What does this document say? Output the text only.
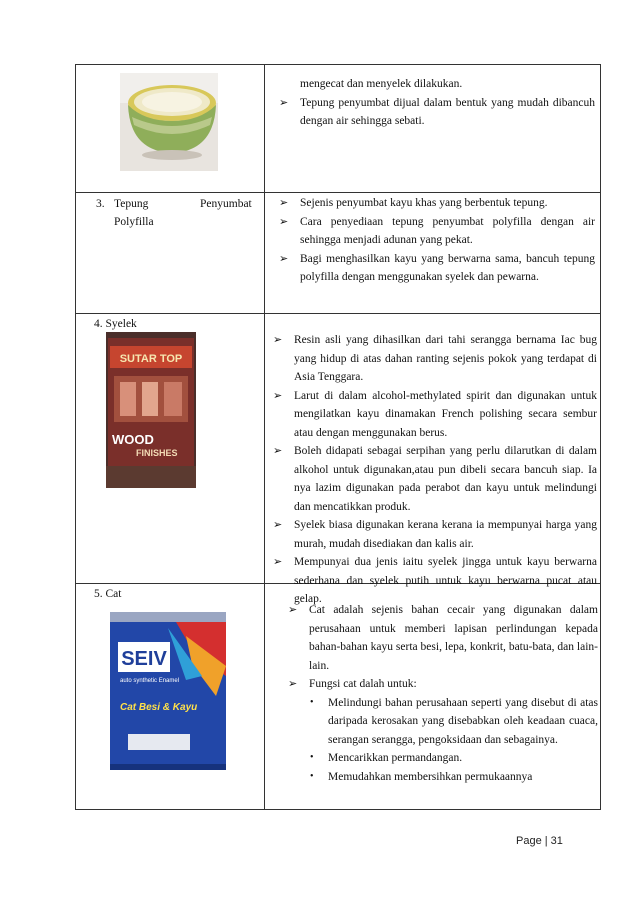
mengecat dan menyelek dilakukan.
➢ Tepung penyumbat dijual dalam bentuk yang mudah dibancuh dengan air sehingga sebati.
3. Tepung	Penyumbat
Polyfilla
➢ Sejenis penyumbat kayu khas yang berbentuk tepung.
➢ Cara penyediaan tepung penyumbat polyfilla dengan air sehingga menjadi adunan yang pekat.
➢ Bagi menghasilkan kayu yang berwarna sama, bancuh tepung polyfilla dengan menggunakan syelek dan pewarna.
4. Syelek
SUTAR TOP
WOOD
FINISHES
➢ Resin asli yang dihasilkan dari tahi serangga bernama Iac bug yang hidup di atas dahan ranting sejenis pokok yang terdapat di Asia Tenggara.
➢ Larut di dalam alcohol-methylated spirit dan digunakan untuk mengilatkan kayu dinamakan French polishing secara sembur atau dengan menggunakan berus.
➢ Boleh didapati sebagai serpihan yang perlu dilarutkan di dalam alkohol untuk digunakan,atau pun dibeli secara bancuh siap. Ia nya lazim digunakan pada perabot dan kayu untuk melindungi dan mencatikkan produk.
➢ Syelek biasa digunakan kerana kerana ia mempunyai harga yang murah, mudah disediakan dan kalis air.
➢ Mempunyai dua jenis iaitu syelek jingga untuk kayu berwarna sederhana dan syelek putih untuk kayu berwarna pucat atau gelap.
5. Cat
SEIV
auto synthetic Enamel
Cat Besi & Kayu
➢ Cat adalah sejenis bahan cecair yang digunakan dalam perusahaan untuk memberi lapisan perlindungan kepada bahan-bahan kayu serta besi, lepa, konkrit, batu-bata, dan lain-lain.
➢ Fungsi cat dalah untuk:
• Melindungi bahan perusahaan seperti yang disebut di atas daripada kerosakan yang disebabkan oleh keadaan cuaca, serangan serangga, pengoksidaan dan sebagainya.
• Mencarikkan permandangan.
• Memudahkan membersihkan permukaannya
Page | 31
